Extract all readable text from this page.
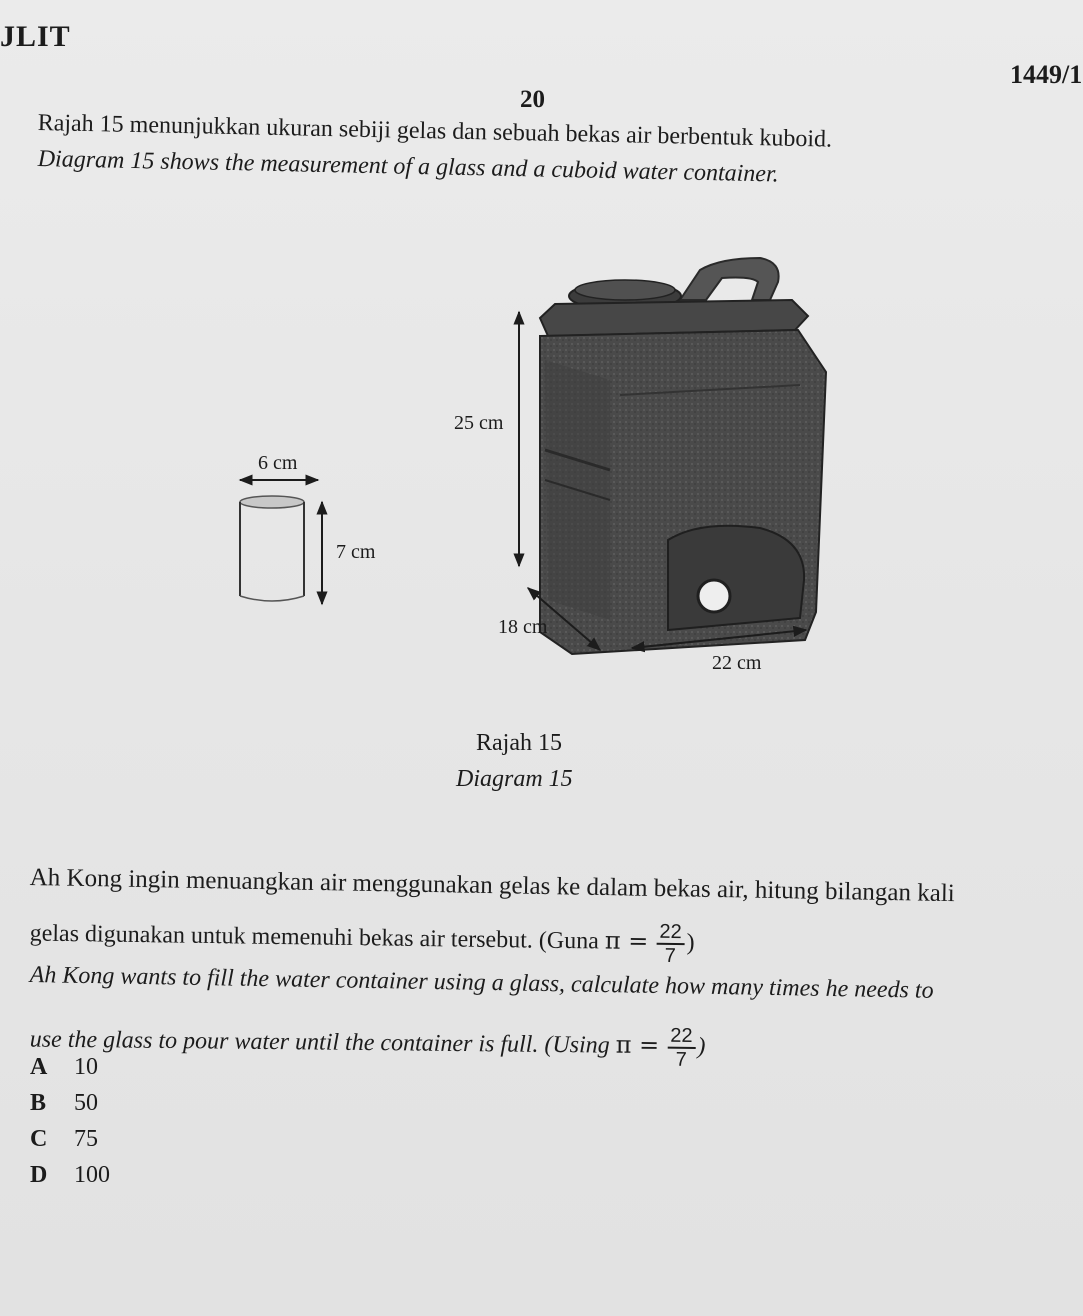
JLIT
1449/1
20
Rajah 15 menunjukkan ukuran sebiji gelas dan sebuah bekas air berbentuk kuboid.
Diagram 15 shows the measurement of a glass and a cuboid water container.
6 cm
7 cm
25 cm
18 cm
22 cm
Rajah 15
Diagram 15
Ah Kong ingin menuangkan air menggunakan gelas ke dalam bekas air, hitung bilangan kali
gelas digunakan untuk memenuhi bekas air tersebut. (Guna $\pi = \frac{22}{7}$ )
Ah Kong wants to fill the water container using a glass, calculate how many times he needs to
use the glass to pour water until the container is full. (Using $\pi = \frac{22}{7}$ )
A 10
B 50
C 75
D 100
